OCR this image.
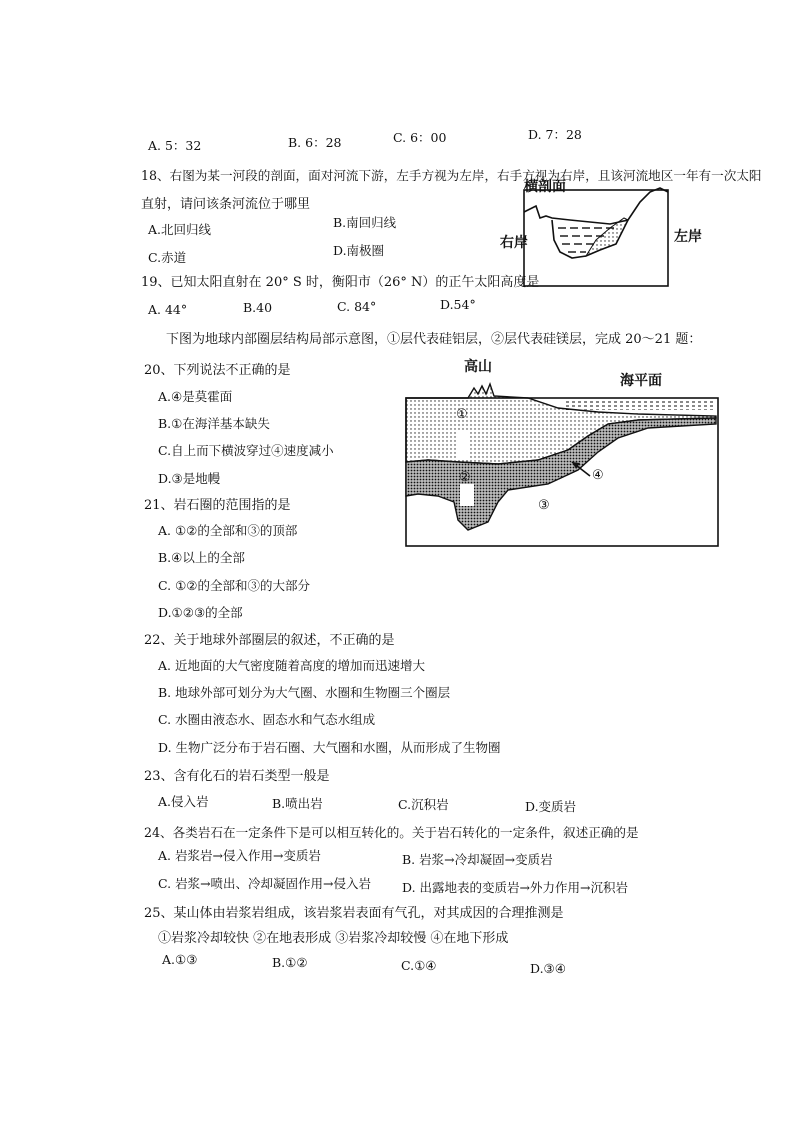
A. 5：32	B. 6：28	C. 6：00	D. 7：28
18、右图为某一河段的剖面，面对河流下游，左手方视为左岸，右手方视为右岸，且该河流地区一年有一次太阳
直射，请问该条河流位于哪里
A.北回归线	B.南回归线
C.赤道	D.南极圈
横剖面
右岸	左岸
19、已知太阳直射在 20° S 时，衡阳市（26° N）的正午太阳高度是
A. 44°	B.40	C. 84°	D.54°
下图为地球内部圈层结构局部示意图，①层代表硅铝层，②层代表硅镁层，完成 20～21 题：
高山
海平面
①
②
③
④
20、下列说法不正确的是
A.④是莫霍面
B.①在海洋基本缺失
C.自上而下横波穿过④速度减小
D.③是地幔
21、岩石圈的范围指的是
A. ①②的全部和③的顶部
B.④以上的全部
C. ①②的全部和③的大部分
D.①②③的全部
22、关于地球外部圈层的叙述，不正确的是
A. 近地面的大气密度随着高度的增加而迅速增大
B. 地球外部可划分为大气圈、水圈和生物圈三个圈层
C. 水圈由液态水、固态水和气态水组成
D. 生物广泛分布于岩石圈、大气圈和水圈，从而形成了生物圈
23、含有化石的岩石类型一般是
A.侵入岩	B.喷出岩	C.沉积岩	D.变质岩
24、各类岩石在一定条件下是可以相互转化的。关于岩石转化的一定条件，叙述正确的是
A. 岩浆岩→侵入作用→变质岩	B. 岩浆→冷却凝固→变质岩
C. 岩浆→喷出、冷却凝固作用→侵入岩 D. 出露地表的变质岩→外力作用→沉积岩
25、某山体由岩浆岩组成，该岩浆岩表面有气孔，对其成因的合理推测是
①岩浆冷却较快 ②在地表形成 ③岩浆冷却较慢 ④在地下形成
A.①③	B.①②	C.①④	D.③④
